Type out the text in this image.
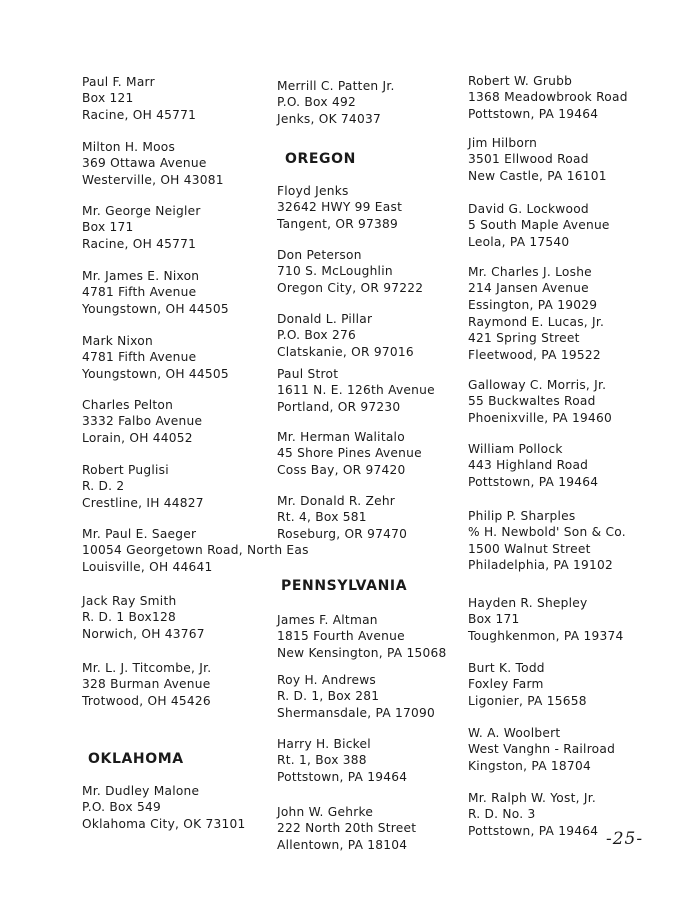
Paul F. Marr
Box 121
Racine, OH 45771
Milton H. Moos
369 Ottawa Avenue
Westerville, OH 43081
Mr. George Neigler
Box 171
Racine, OH 45771
Mr. James E. Nixon
4781 Fifth Avenue
Youngstown, OH 44505
Mark Nixon
4781 Fifth Avenue
Youngstown, OH 44505
Charles Pelton
3332 Falbo Avenue
Lorain, OH 44052
Robert Puglisi
R. D. 2
Crestline, IH 44827
Mr. Paul E. Saeger
10054 Georgetown Road, North Eas
Louisville, OH 44641
Jack Ray Smith
R. D. 1 Box128
Norwich, OH 43767
Mr. L. J. Titcombe, Jr.
328 Burman Avenue
Trotwood, OH 45426
OKLAHOMA
Mr. Dudley Malone
P.O. Box 549
Oklahoma City, OK 73101
Merrill C. Patten Jr.
P.O. Box 492
Jenks, OK 74037
OREGON
Floyd Jenks
32642 HWY 99 East
Tangent, OR 97389
Don Peterson
710 S. McLoughlin
Oregon City, OR 97222
Donald L. Pillar
P.O. Box 276
Clatskanie, OR 97016
Paul Strot
1611 N. E. 126th Avenue
Portland, OR 97230
Mr. Herman Walitalo
45 Shore Pines Avenue
Coss Bay, OR 97420
Mr. Donald R. Zehr
Rt. 4, Box 581
Roseburg, OR 97470
PENNSYLVANIA
James F. Altman
1815 Fourth Avenue
New Kensington, PA 15068
Roy H. Andrews
R. D. 1, Box 281
Shermansdale, PA 17090
Harry H. Bickel
Rt. 1, Box 388
Pottstown, PA 19464
John W. Gehrke
222 North 20th Street
Allentown, PA 18104
Robert W. Grubb
1368 Meadowbrook Road
Pottstown, PA 19464
Jim Hilborn
3501 Ellwood Road
New Castle, PA 16101
David G. Lockwood
5 South Maple Avenue
Leola, PA 17540
Mr. Charles J. Loshe
214 Jansen Avenue
Essington, PA 19029
Raymond E. Lucas, Jr.
421 Spring Street
Fleetwood, PA 19522
Galloway C. Morris, Jr.
55 Buckwaltes Road
Phoenixville, PA 19460
William Pollock
443 Highland Road
Pottstown, PA 19464
Philip P. Sharples
% H. Newbold' Son & Co.
1500 Walnut Street
Philadelphia, PA 19102
Hayden R. Shepley
Box 171
Toughkenmon, PA 19374
Burt K. Todd
Foxley Farm
Ligonier, PA 15658
W. A. Woolbert
West Vanghn - Railroad
Kingston, PA 18704
Mr. Ralph W. Yost, Jr.
R. D. No. 3
Pottstown, PA 19464 -25-
